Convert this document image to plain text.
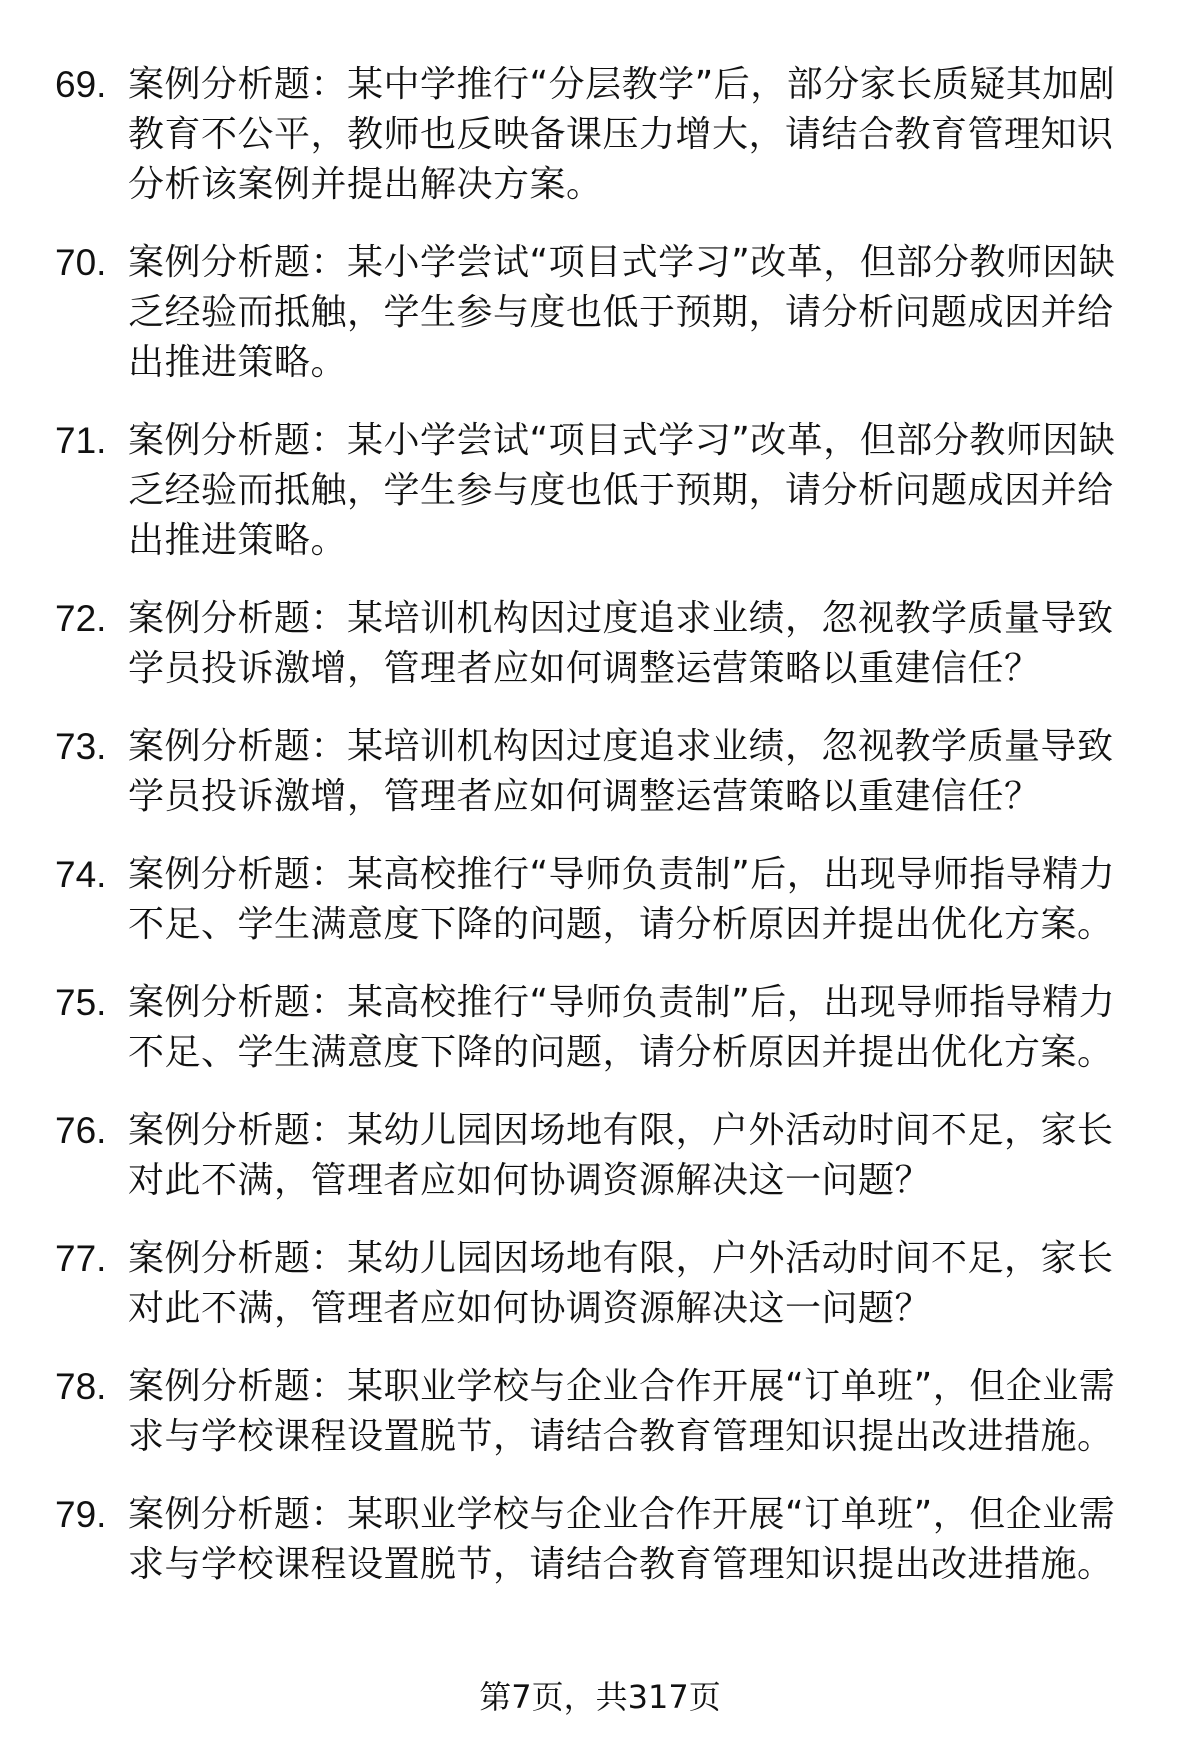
69. 案例分析题：某中学推行“分层教学”后，部分家长质疑其加剧教育不公平，教师也反映备课压力增大，请结合教育管理知识分析该案例并提出解决方案。
70. 案例分析题：某小学尝试“项目式学习”改革，但部分教师因缺乏经验而抵触，学生参与度也低于预期，请分析问题成因并给出推进策略。
71. 案例分析题：某小学尝试“项目式学习”改革，但部分教师因缺乏经验而抵触，学生参与度也低于预期，请分析问题成因并给出推进策略。
72. 案例分析题：某培训机构因过度追求业绩，忽视教学质量导致学员投诉激增，管理者应如何调整运营策略以重建信任？
73. 案例分析题：某培训机构因过度追求业绩，忽视教学质量导致学员投诉激增，管理者应如何调整运营策略以重建信任？
74. 案例分析题：某高校推行“导师负责制”后，出现导师指导精力不足、学生满意度下降的问题，请分析原因并提出优化方案。
75. 案例分析题：某高校推行“导师负责制”后，出现导师指导精力不足、学生满意度下降的问题，请分析原因并提出优化方案。
76. 案例分析题：某幼儿园因场地有限，户外活动时间不足，家长对此不满，管理者应如何协调资源解决这一问题？
77. 案例分析题：某幼儿园因场地有限，户外活动时间不足，家长对此不满，管理者应如何协调资源解决这一问题？
78. 案例分析题：某职业学校与企业合作开展“订单班”，但企业需求与学校课程设置脱节，请结合教育管理知识提出改进措施。
79. 案例分析题：某职业学校与企业合作开展“订单班”，但企业需求与学校课程设置脱节，请结合教育管理知识提出改进措施。
第7页，共317页
